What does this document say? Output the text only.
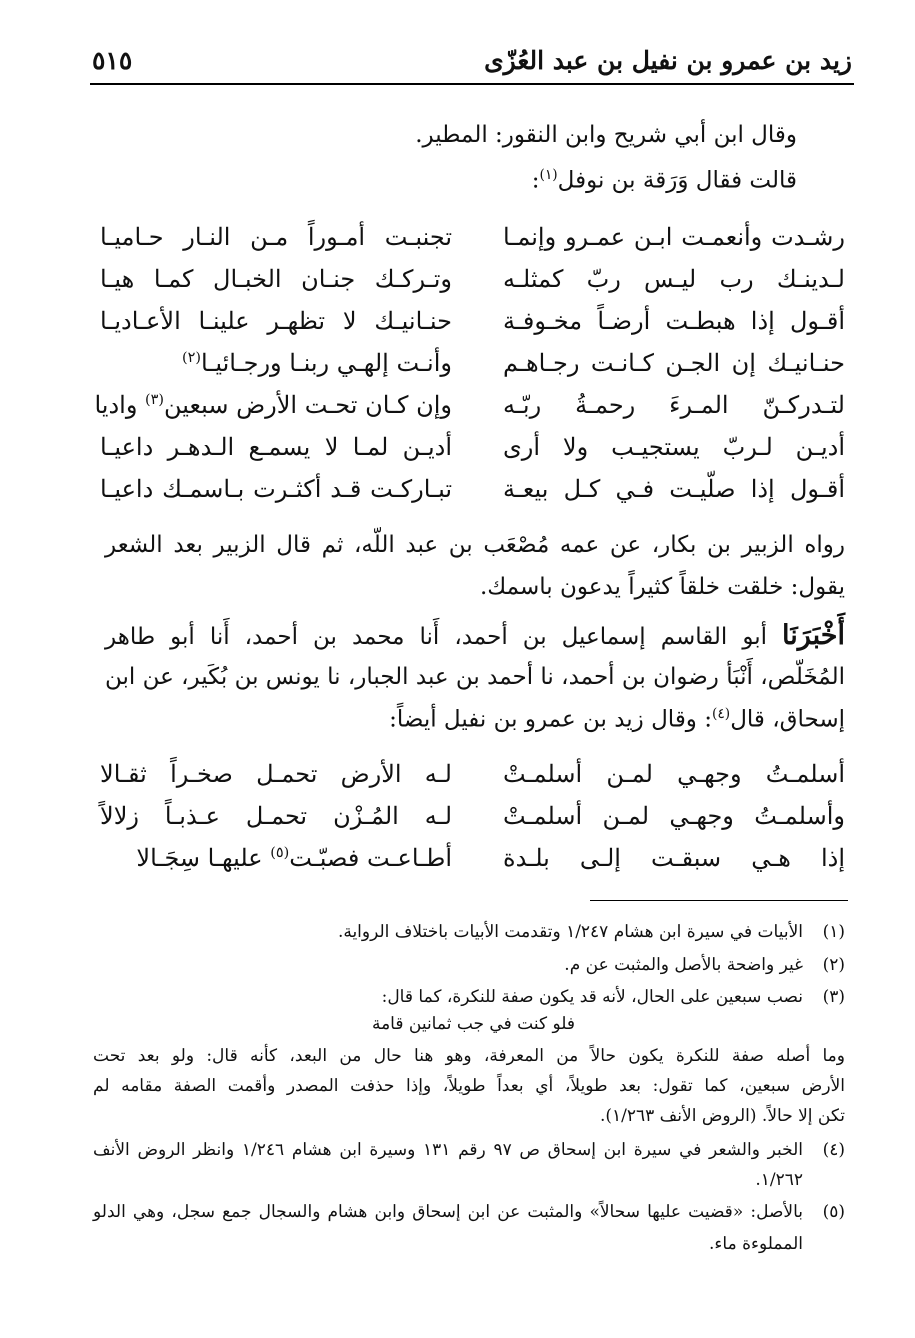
زيد بن عمرو بن نفيل بن عبد العُزّى
٥١٥
وقال ابن أبي شريح وابن النقور: المطير.
قالت فقال وَرَقة بن نوفل$^{(١)}$:
رشـدت وأنعمـت ابـن عمـرو وإنمـا
تجنبـت أمـوراً مـن النـار حـاميـا
لـدينـك رب ليـس ربّ كمثلـه
وتـركـك جنـان الخبـال كمـا هيـا
أقـول إذا هبطـت أرضـاً مخـوفـة
حنـانيـك لا تظهـر علينـا الأعـاديـا
حنـانيـك إن الجـن كـانـت رجـاهـم
وأنـت إلهـي ربنـا ورجـائيـا$^{(٢)}$
لتـدركـنّ المـرءَ رحمـةُ ربّـه
وإن كـان تحـت الأرض سبعين$^{(٣)}$ واديا
أديـن لـربّ يستجيـب ولا أرى
أديـن لمـا لا يسمـع الـدهـر داعيـا
أقـول إذا صلّيـت فـي كـل بيعـة
تبـاركـت قـد أكثـرت بـاسمـك داعيـا
رواه الزبير بن بكار، عن عمه مُصْعَب بن عبد اللّه، ثم قال الزبير بعد الشعر
يقول: خلقت خلقاً كثيراً يدعون باسمك.
أَخْبَرَنَا أبو القاسم إسماعيل بن أحمد، أَنا محمد بن أحمد، أَنا أبو طاهر
المُخَلّص، أَنْبَأ رضوان بن أحمد، نا أحمد بن عبد الجبار، نا يونس بن بُكَير، عن ابن
إسحاق، قال$^{(٤)}$: وقال زيد بن عمرو بن نفيل أيضاً:
أسلمـتُ وجهـي لمـن أسلمـتْ
لـه الأرض تحمـل صخـراً ثقـالا
وأسلمـتُ وجهـي لمـن أسلمـتْ
لـه المُـزْن تحمـل عـذبـاً زلالاً
إذا هـي سبقـت إلـى بلـدة
أطـاعـت فصبّـت$^{(٥)}$ عليهـا سِجَـالا
(١)
الأبيات في سيرة ابن هشام ١/٢٤٧ وتقدمت الأبيات باختلاف الرواية.
(٢)
غير واضحة بالأصل والمثبت عن م.
(٣)
نصب سبعين على الحال، لأنه قد يكون صفة للنكرة، كما قال:
فلو كنت في جب ثمانين قامة
وما أصله صفة للنكرة يكون حالاً من المعرفة، وهو هنا حال من البعد، كأنه قال: ولو بعد تحت
الأرض سبعين، كما تقول: بعد طويلاً، أي بعداً طويلاً، وإذا حذفت المصدر وأقمت الصفة مقامه لم
تكن إلا حالاً. (الروض الأنف ١/٢٦٣).
(٤)
الخبر والشعر في سيرة ابن إسحاق ص ٩٧ رقم ١٣١ وسيرة ابن هشام ١/٢٤٦ وانظر الروض الأنف
١/٢٦٢.
(٥)
بالأصل: «قضيت عليها سحالاً» والمثبت عن ابن إسحاق وابن هشام والسجال جمع سجل، وهي الدلو
المملوءة ماء.
